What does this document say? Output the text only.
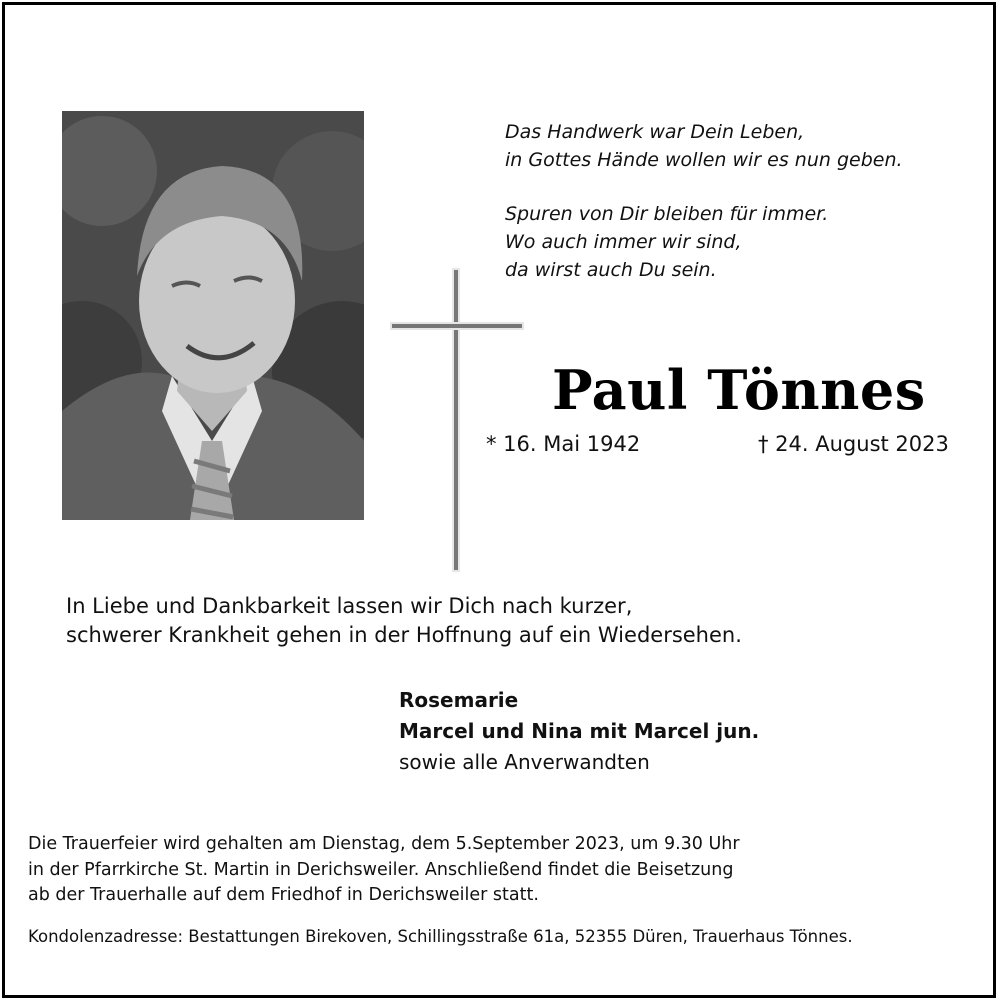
Das Handwerk war Dein Leben,

in Gottes Hände wollen wir es nun geben.

Spuren von Dir bleiben für immer.

Wo auch immer wir sind,

da wirst auch Du sein.

Paul Tönnes
* 16. Mai 1942	† 24. August 2023

In Liebe und Dankbarkeit lassen wir Dich nach kurzer,

schwerer Krankheit gehen in der Hoffnung auf ein Wiedersehen.

Rosemarie

Marcel und Nina mit Marcel jun.

sowie alle Anverwandten

Die Trauerfeier wird gehalten am Dienstag, dem 5.September 2023, um 9.30 Uhr

in der Pfarrkirche St. Martin in Derichsweiler. Anschließend findet die Beisetzung

ab der Trauerhalle auf dem Friedhof in Derichsweiler statt.

Kondolenzadresse: Bestattungen Birekoven, Schillingsstraße 61a, 52355 Düren, Trauerhaus Tönnes.
